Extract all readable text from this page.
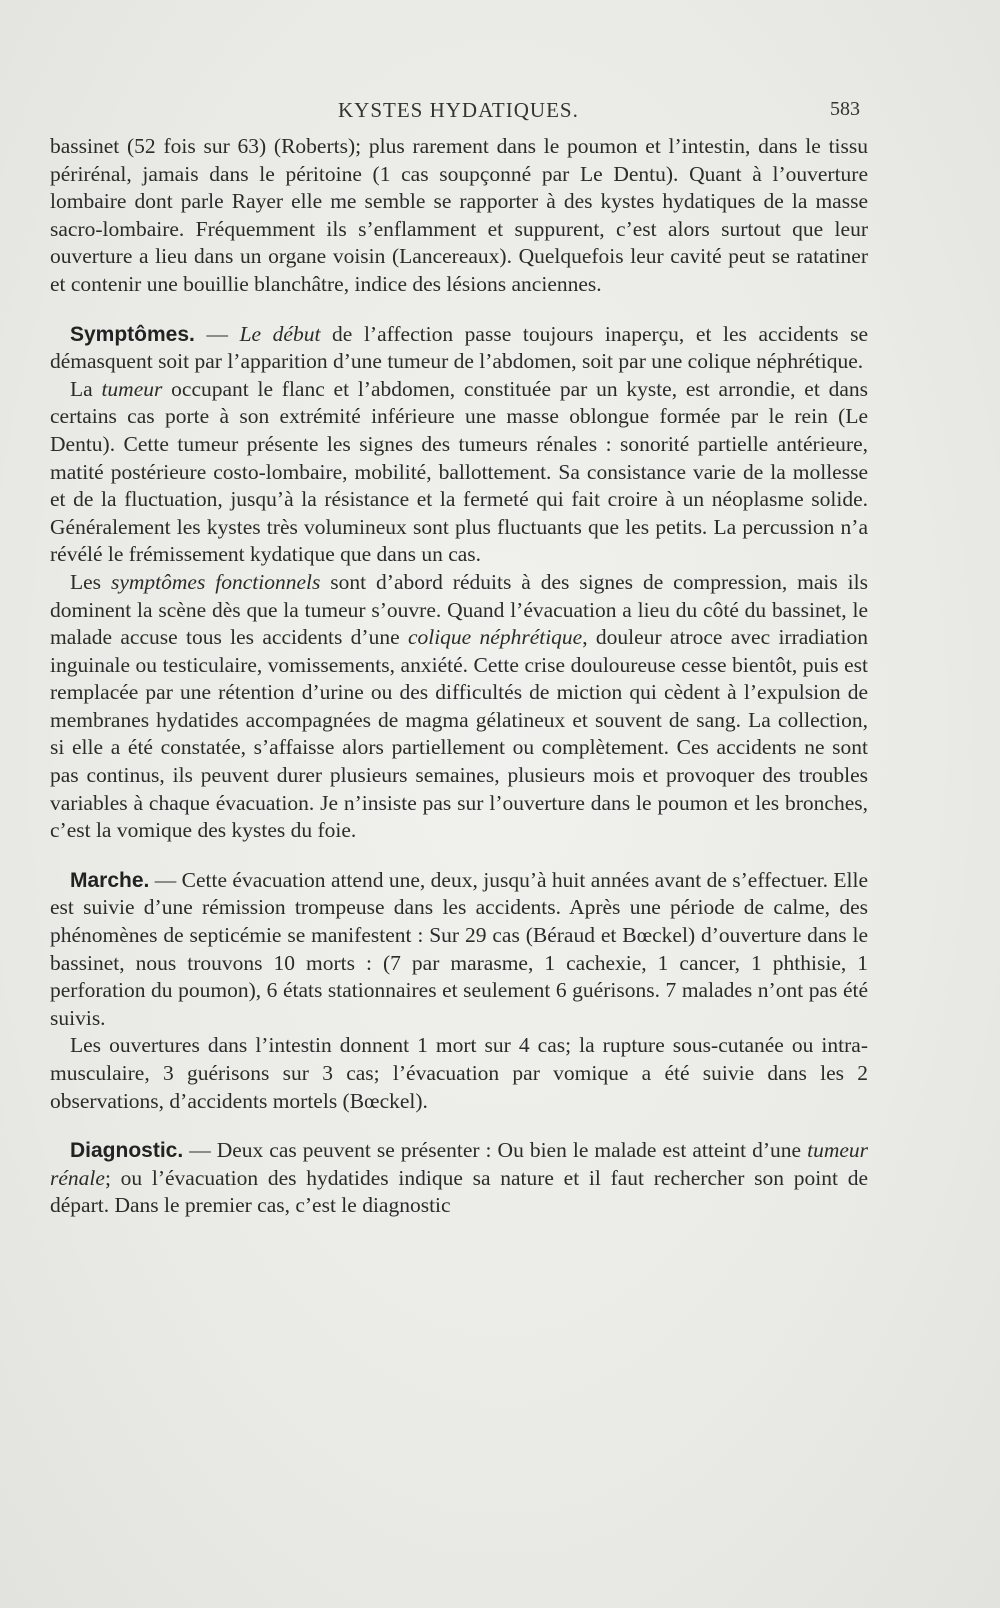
KYSTES HYDATIQUES.	583

bassinet (52 fois sur 63) (Roberts); plus rarement dans le poumon et l’intestin, dans le tissu périrénal, jamais dans le péritoine (1 cas soupçonné par Le Dentu). Quant à l’ouverture lombaire dont parle Rayer elle me semble se rapporter à des kystes hydatiques de la masse sacro-lombaire. Fréquemment ils s’enflamment et suppurent, c’est alors surtout que leur ouverture a lieu dans un organe voisin (Lancereaux). Quelquefois leur cavité peut se ratatiner et contenir une bouillie blanchâtre, indice des lésions anciennes.

Symptômes. — Le début de l’affection passe toujours inaperçu, et les accidents se démasquent soit par l’apparition d’une tumeur de l’abdomen, soit par une colique néphrétique.

La tumeur occupant le flanc et l’abdomen, constituée par un kyste, est arrondie, et dans certains cas porte à son extrémité inférieure une masse oblongue formée par le rein (Le Dentu). Cette tumeur présente les signes des tumeurs rénales : sonorité partielle antérieure, matité postérieure costo-lombaire, mobilité, ballottement. Sa consistance varie de la mollesse et de la fluctuation, jusqu’à la résistance et la fermeté qui fait croire à un néoplasme solide. Généralement les kystes très volumineux sont plus fluctuants que les petits. La percussion n’a révélé le frémissement kydatique que dans un cas.

Les symptômes fonctionnels sont d’abord réduits à des signes de compression, mais ils dominent la scène dès que la tumeur s’ouvre. Quand l’évacuation a lieu du côté du bassinet, le malade accuse tous les accidents d’une colique néphrétique, douleur atroce avec irradiation inguinale ou testiculaire, vomissements, anxiété. Cette crise douloureuse cesse bientôt, puis est remplacée par une rétention d’urine ou des difficultés de miction qui cèdent à l’expulsion de membranes hydatides accompagnées de magma gélatineux et souvent de sang. La collection, si elle a été constatée, s’affaisse alors partiellement ou complètement. Ces accidents ne sont pas continus, ils peuvent durer plusieurs semaines, plusieurs mois et provoquer des troubles variables à chaque évacuation. Je n’insiste pas sur l’ouverture dans le poumon et les bronches, c’est la vomique des kystes du foie.

Marche. — Cette évacuation attend une, deux, jusqu’à huit années avant de s’effectuer. Elle est suivie d’une rémission trompeuse dans les accidents. Après une période de calme, des phénomènes de septicémie se manifestent : Sur 29 cas (Béraud et Bœckel) d’ouverture dans le bassinet, nous trouvons 10 morts : (7 par marasme, 1 cachexie, 1 cancer, 1 phthisie, 1 perforation du poumon), 6 états stationnaires et seulement 6 guérisons. 7 malades n’ont pas été suivis.

Les ouvertures dans l’intestin donnent 1 mort sur 4 cas; la rupture sous-cutanée ou intra-musculaire, 3 guérisons sur 3 cas; l’évacuation par vomique a été suivie dans les 2 observations, d’accidents mortels (Bœckel).

Diagnostic. — Deux cas peuvent se présenter : Ou bien le malade est atteint d’une tumeur rénale; ou l’évacuation des hydatides indique sa nature et il faut rechercher son point de départ. Dans le premier cas, c’est le diagnostic
